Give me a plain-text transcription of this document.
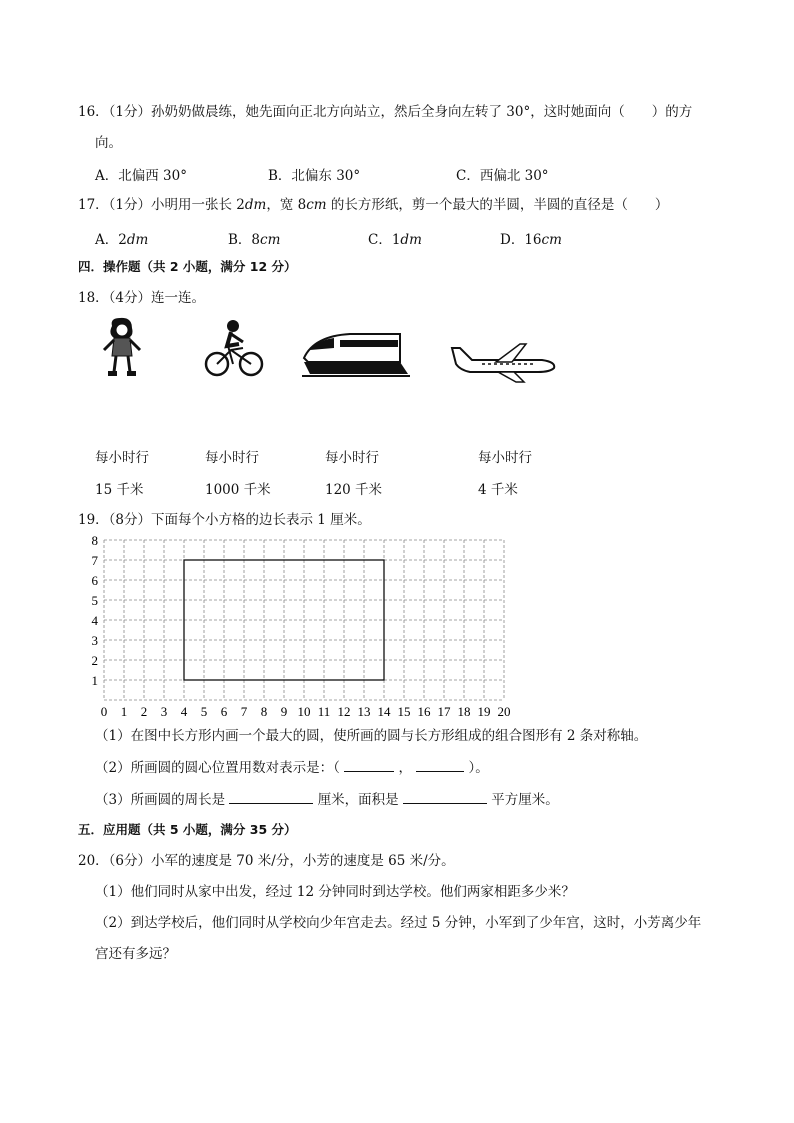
16．（1分）孙奶奶做晨练，她先面向正北方向站立，然后全身向左转了 30°，这时她面向（　　）的方
向。
A．北偏西 30°	B．北偏东 30°	C．西偏北 30°
17．（1分）小明用一张长 2dm，宽 8cm 的长方形纸，剪一个最大的半圆，半圆的直径是（　　）
A．2dm	B．8cm	C．1dm	D．16cm
四．操作题（共 2 小题，满分 12 分）
18．（4分）连一连。
每小时行
15 千米
每小时行
1000 千米
每小时行
120 千米
每小时行
4 千米
19．（8分）下面每个小方格的边长表示 1 厘米。
0 1 2 3 4 5 6 7 8 9 10 11 12 13 14 15 16 17 18 19 20
1
2
3
4
5
6
7
8
（1）在图中长方形内画一个最大的圆，使所画的圆与长方形组成的组合图形有 2 条对称轴。
（2）所画圆的圆心位置用数对表示是：（	，	）。
（3）所画圆的周长是	厘米，面积是	平方厘米。
五．应用题（共 5 小题，满分 35 分）
20．（6分）小军的速度是 70 米/分，小芳的速度是 65 米/分。
（1）他们同时从家中出发，经过 12 分钟同时到达学校。他们两家相距多少米？
（2）到达学校后，他们同时从学校向少年宫走去。经过 5 分钟，小军到了少年宫，这时，小芳离少年
宫还有多远？
